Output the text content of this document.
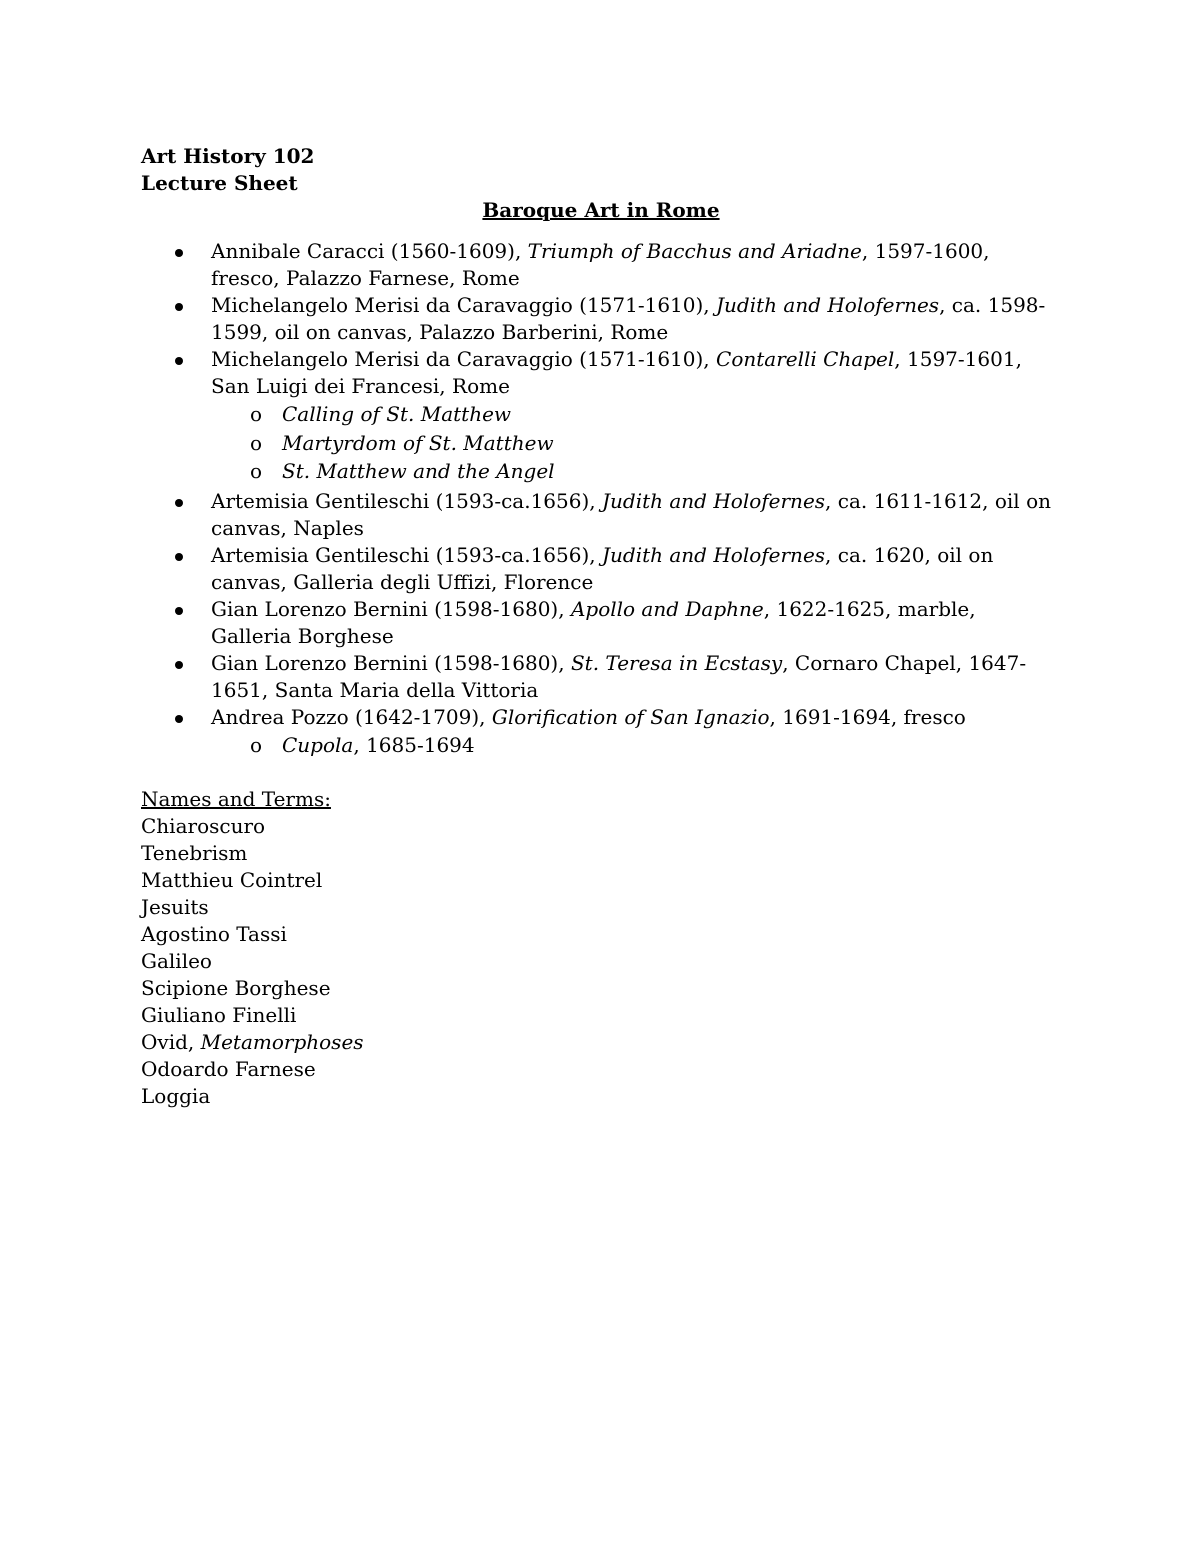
Art History 102
Lecture Sheet
Baroque Art in Rome
Annibale Caracci (1560-1609), Triumph of Bacchus and Ariadne, 1597-1600, fresco, Palazzo Farnese, Rome
Michelangelo Merisi da Caravaggio (1571-1610), Judith and Holofernes, ca. 1598-1599, oil on canvas, Palazzo Barberini, Rome
Michelangelo Merisi da Caravaggio (1571-1610), Contarelli Chapel, 1597-1601, San Luigi dei Francesi, Rome
o Calling of St. Matthew
o Martyrdom of St. Matthew
o St. Matthew and the Angel
Artemisia Gentileschi (1593-ca.1656), Judith and Holofernes, ca. 1611-1612, oil on canvas, Naples
Artemisia Gentileschi (1593-ca.1656), Judith and Holofernes, ca. 1620, oil on canvas, Galleria degli Uffizi, Florence
Gian Lorenzo Bernini (1598-1680), Apollo and Daphne, 1622-1625, marble, Galleria Borghese
Gian Lorenzo Bernini (1598-1680), St. Teresa in Ecstasy, Cornaro Chapel, 1647-1651, Santa Maria della Vittoria
Andrea Pozzo (1642-1709), Glorification of San Ignazio, 1691-1694, fresco
o Cupola, 1685-1694
Names and Terms:
Chiaroscuro
Tenebrism
Matthieu Cointrel
Jesuits
Agostino Tassi
Galileo
Scipione Borghese
Giuliano Finelli
Ovid, Metamorphoses
Odoardo Farnese
Loggia
